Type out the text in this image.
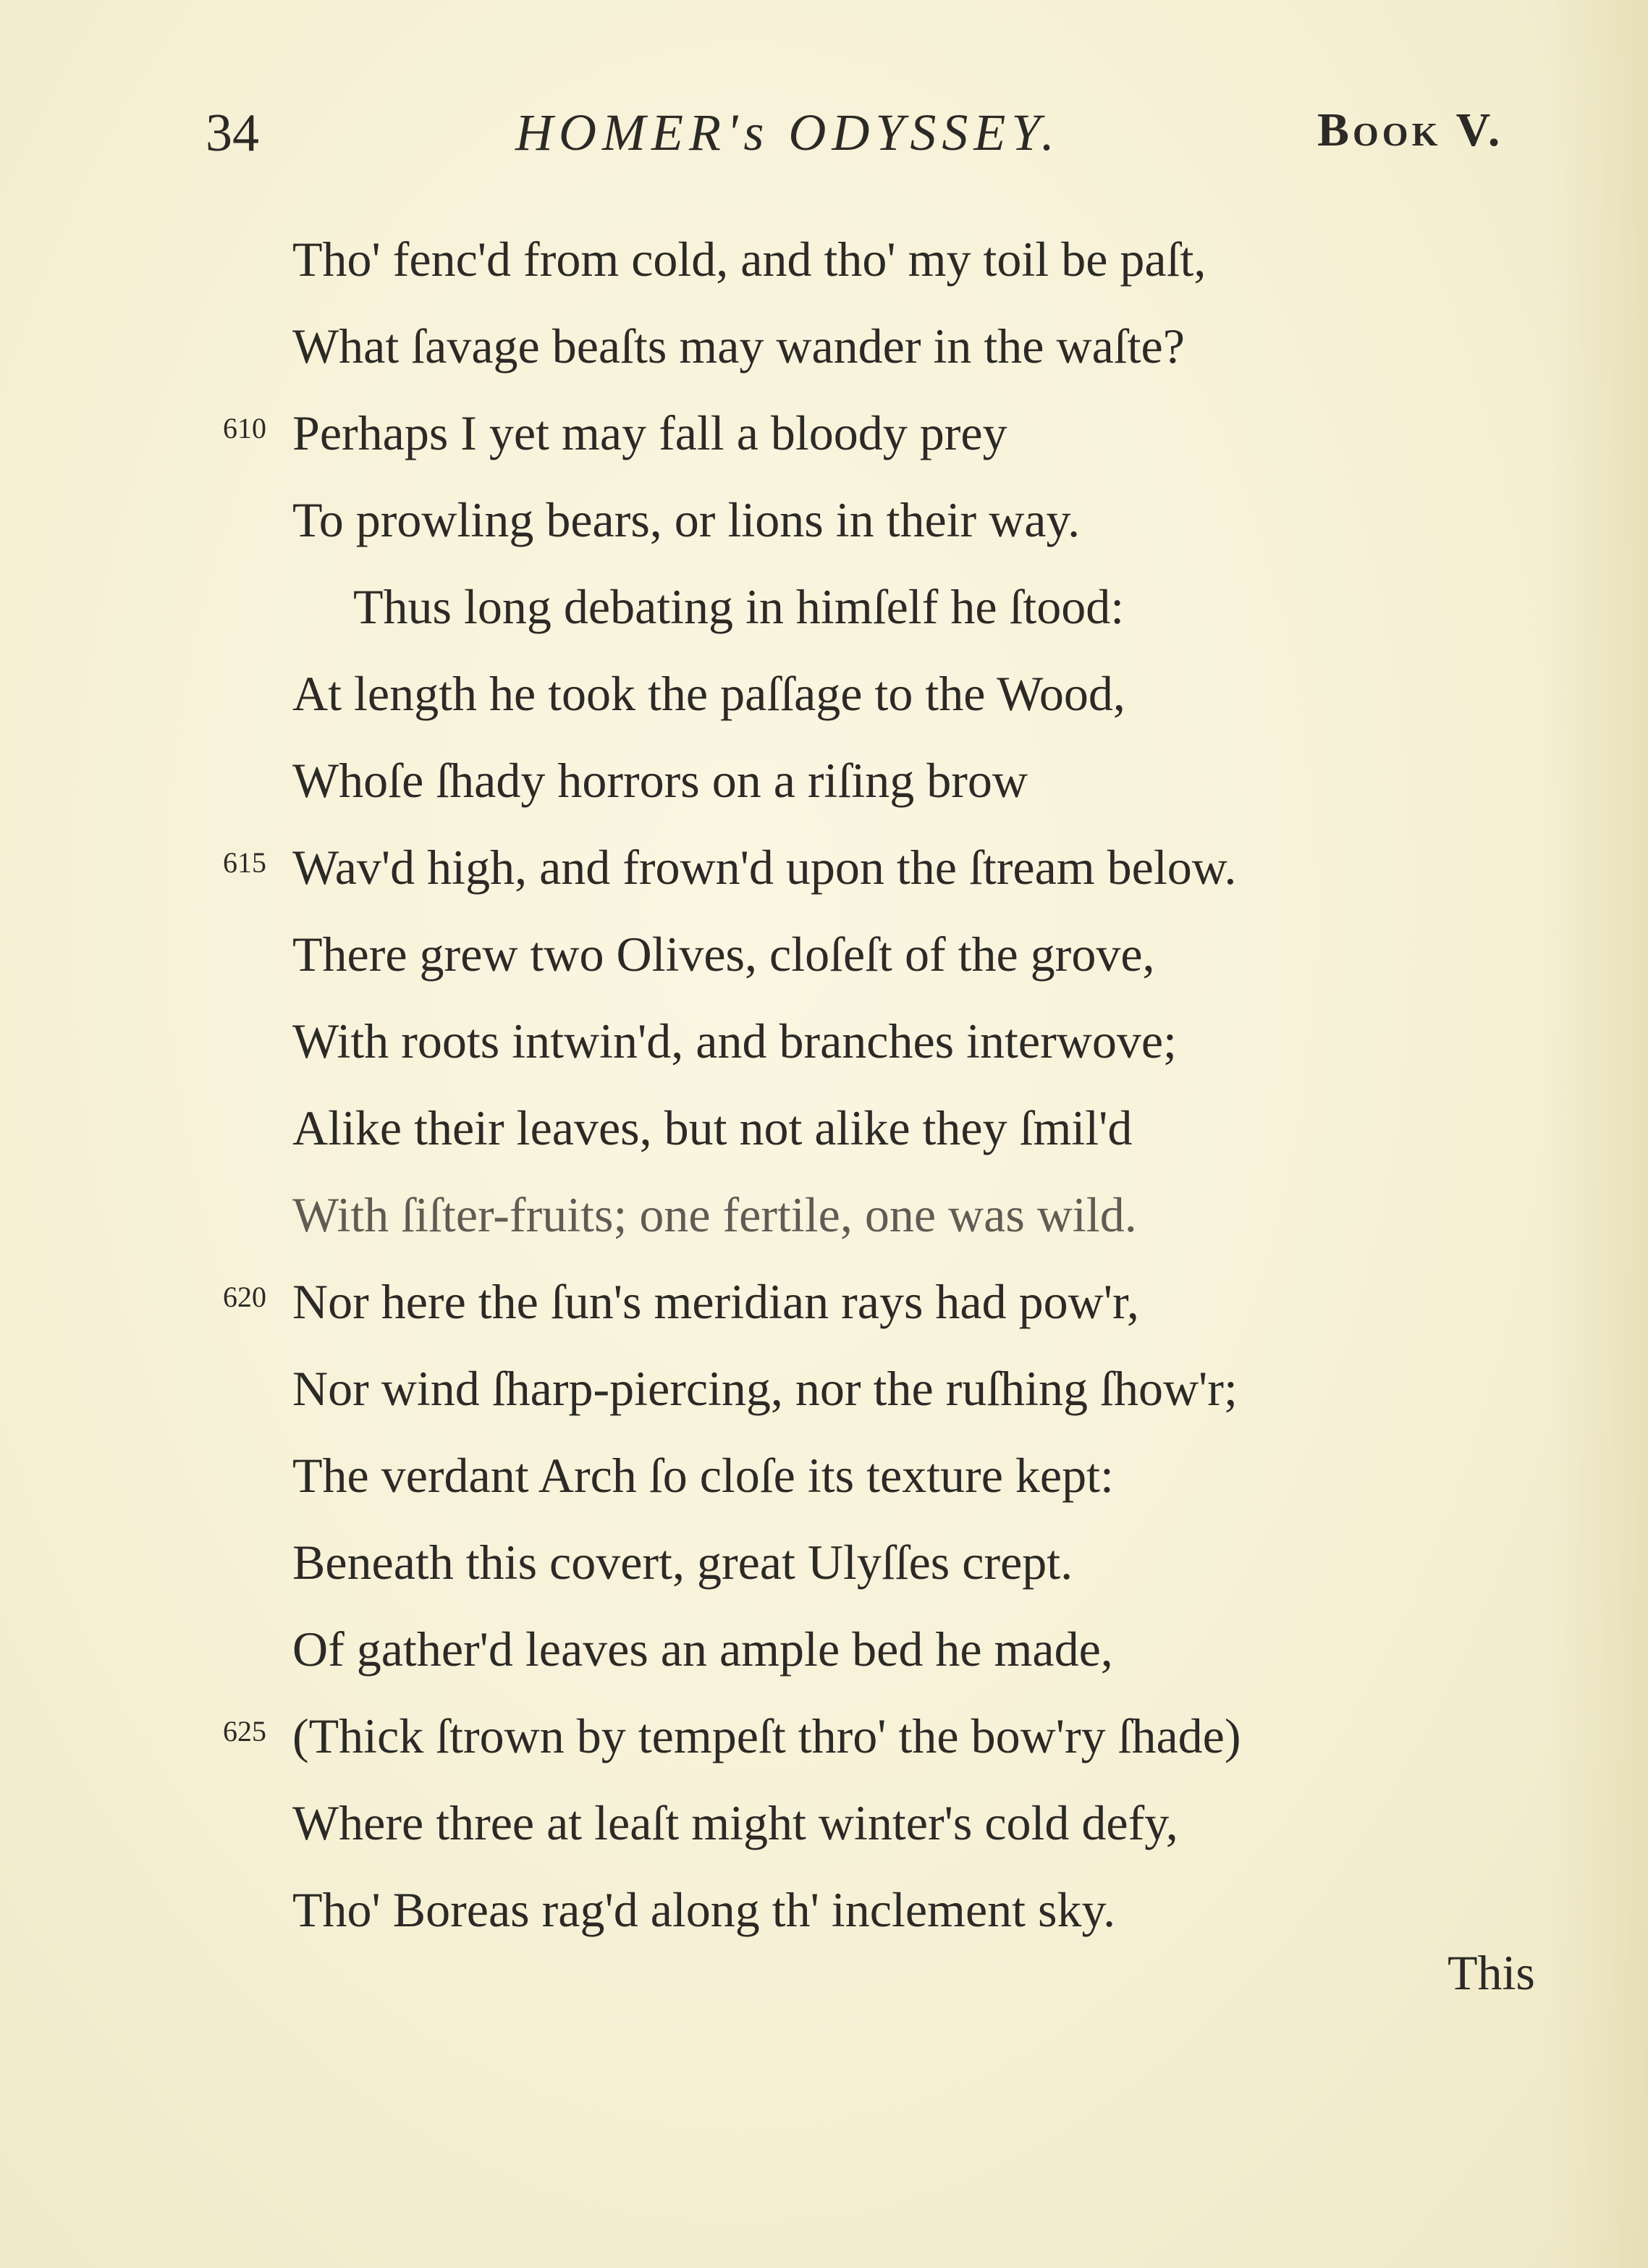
34	HOMER's ODYSSEY.	Book V.
Tho' fenc'd from cold, and tho' my toil be paſt,
What ſavage beaſts may wander in the waſte?
610 Perhaps I yet may fall a bloody prey
To prowling bears, or lions in their way.
Thus long debating in himſelf he ſtood:
At length he took the paſſage to the Wood,
Whoſe ſhady horrors on a riſing brow
615 Wav'd high, and frown'd upon the ſtream below.
There grew two Olives, cloſeſt of the grove,
With roots intwin'd, and branches interwove;
Alike their leaves, but not alike they ſmil'd
With ſiſter-fruits; one fertile, one was wild.
620 Nor here the ſun's meridian rays had pow'r,
Nor wind ſharp-piercing, nor the ruſhing ſhow'r;
The verdant Arch ſo cloſe its texture kept:
Beneath this covert, great Ulyſſes crept.
Of gather'd leaves an ample bed he made,
625 (Thick ſtrown by tempeſt thro' the bow'ry ſhade)
Where three at leaſt might winter's cold defy,
Tho' Boreas rag'd along th' inclement sky.
This
